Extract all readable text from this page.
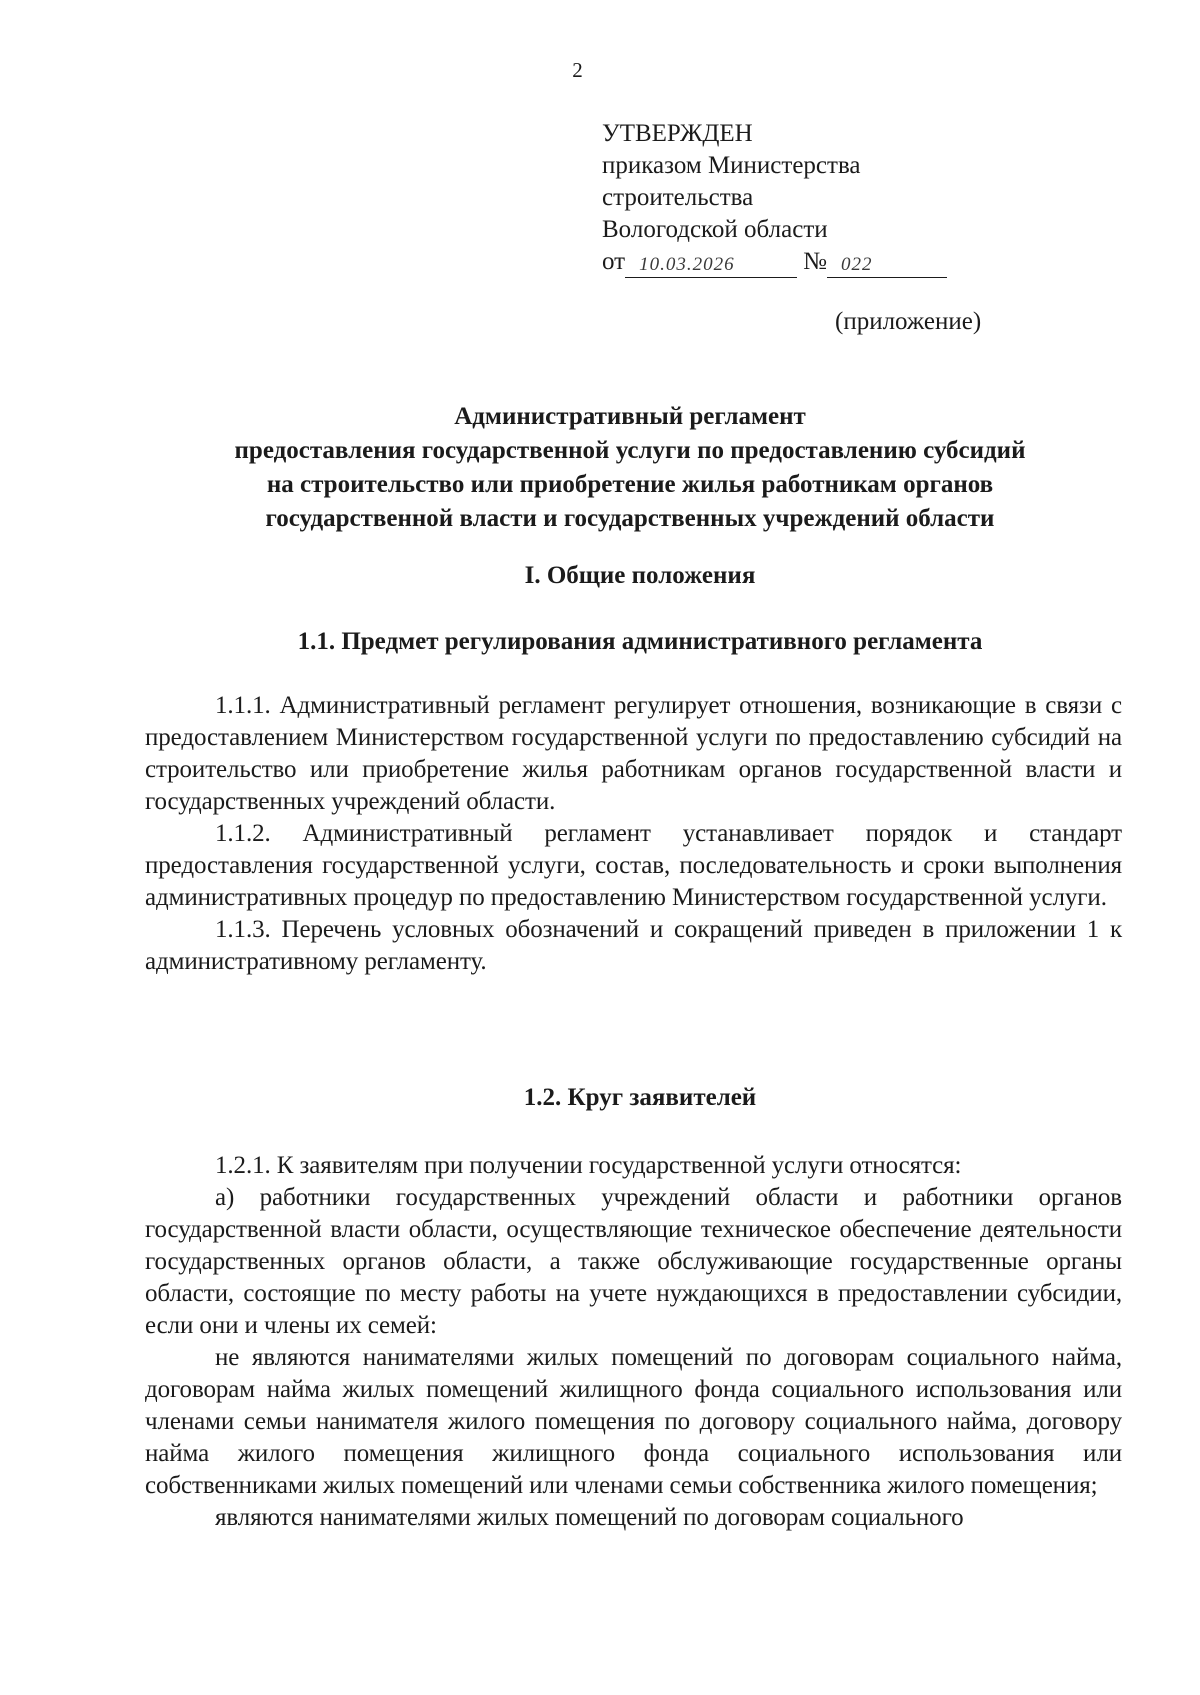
2
УТВЕРЖДЕН
приказом Министерства
строительства
Вологодской области
от 10.03.2026	№ 022
(приложение)
Административный регламент
предоставления государственной услуги по предоставлению субсидий
на строительство или приобретение жилья работникам органов
государственной власти и государственных учреждений области
I. Общие положения
1.1. Предмет регулирования административного регламента

1.1.1. Административный регламент регулирует отношения, возникающие в связи с предоставлением Министерством государственной услуги по предоставлению субсидий на строительство или приобретение жилья работникам органов государственной власти и государственных учреждений области.

1.1.2. Административный регламент устанавливает порядок и стандарт предоставления государственной услуги, состав, последовательность и сроки выполнения административных процедур по предоставлению Министерством государственной услуги.

1.1.3. Перечень условных обозначений и сокращений приведен в приложении 1 к административному регламенту.

1.2. Круг заявителей

1.2.1. К заявителям при получении государственной услуги относятся:

а) работники государственных учреждений области и работники органов государственной власти области, осуществляющие техническое обеспечение деятельности государственных органов области, а также обслуживающие государственные органы области, состоящие по месту работы на учете нуждающихся в предоставлении субсидии, если они и члены их семей:

не являются нанимателями жилых помещений по договорам социального найма, договорам найма жилых помещений жилищного фонда социального использования или членами семьи нанимателя жилого помещения по договору социального найма, договору найма жилого помещения жилищного фонда социального использования или собственниками жилых помещений или членами семьи собственника жилого помещения;

являются нанимателями жилых помещений по договорам социального
